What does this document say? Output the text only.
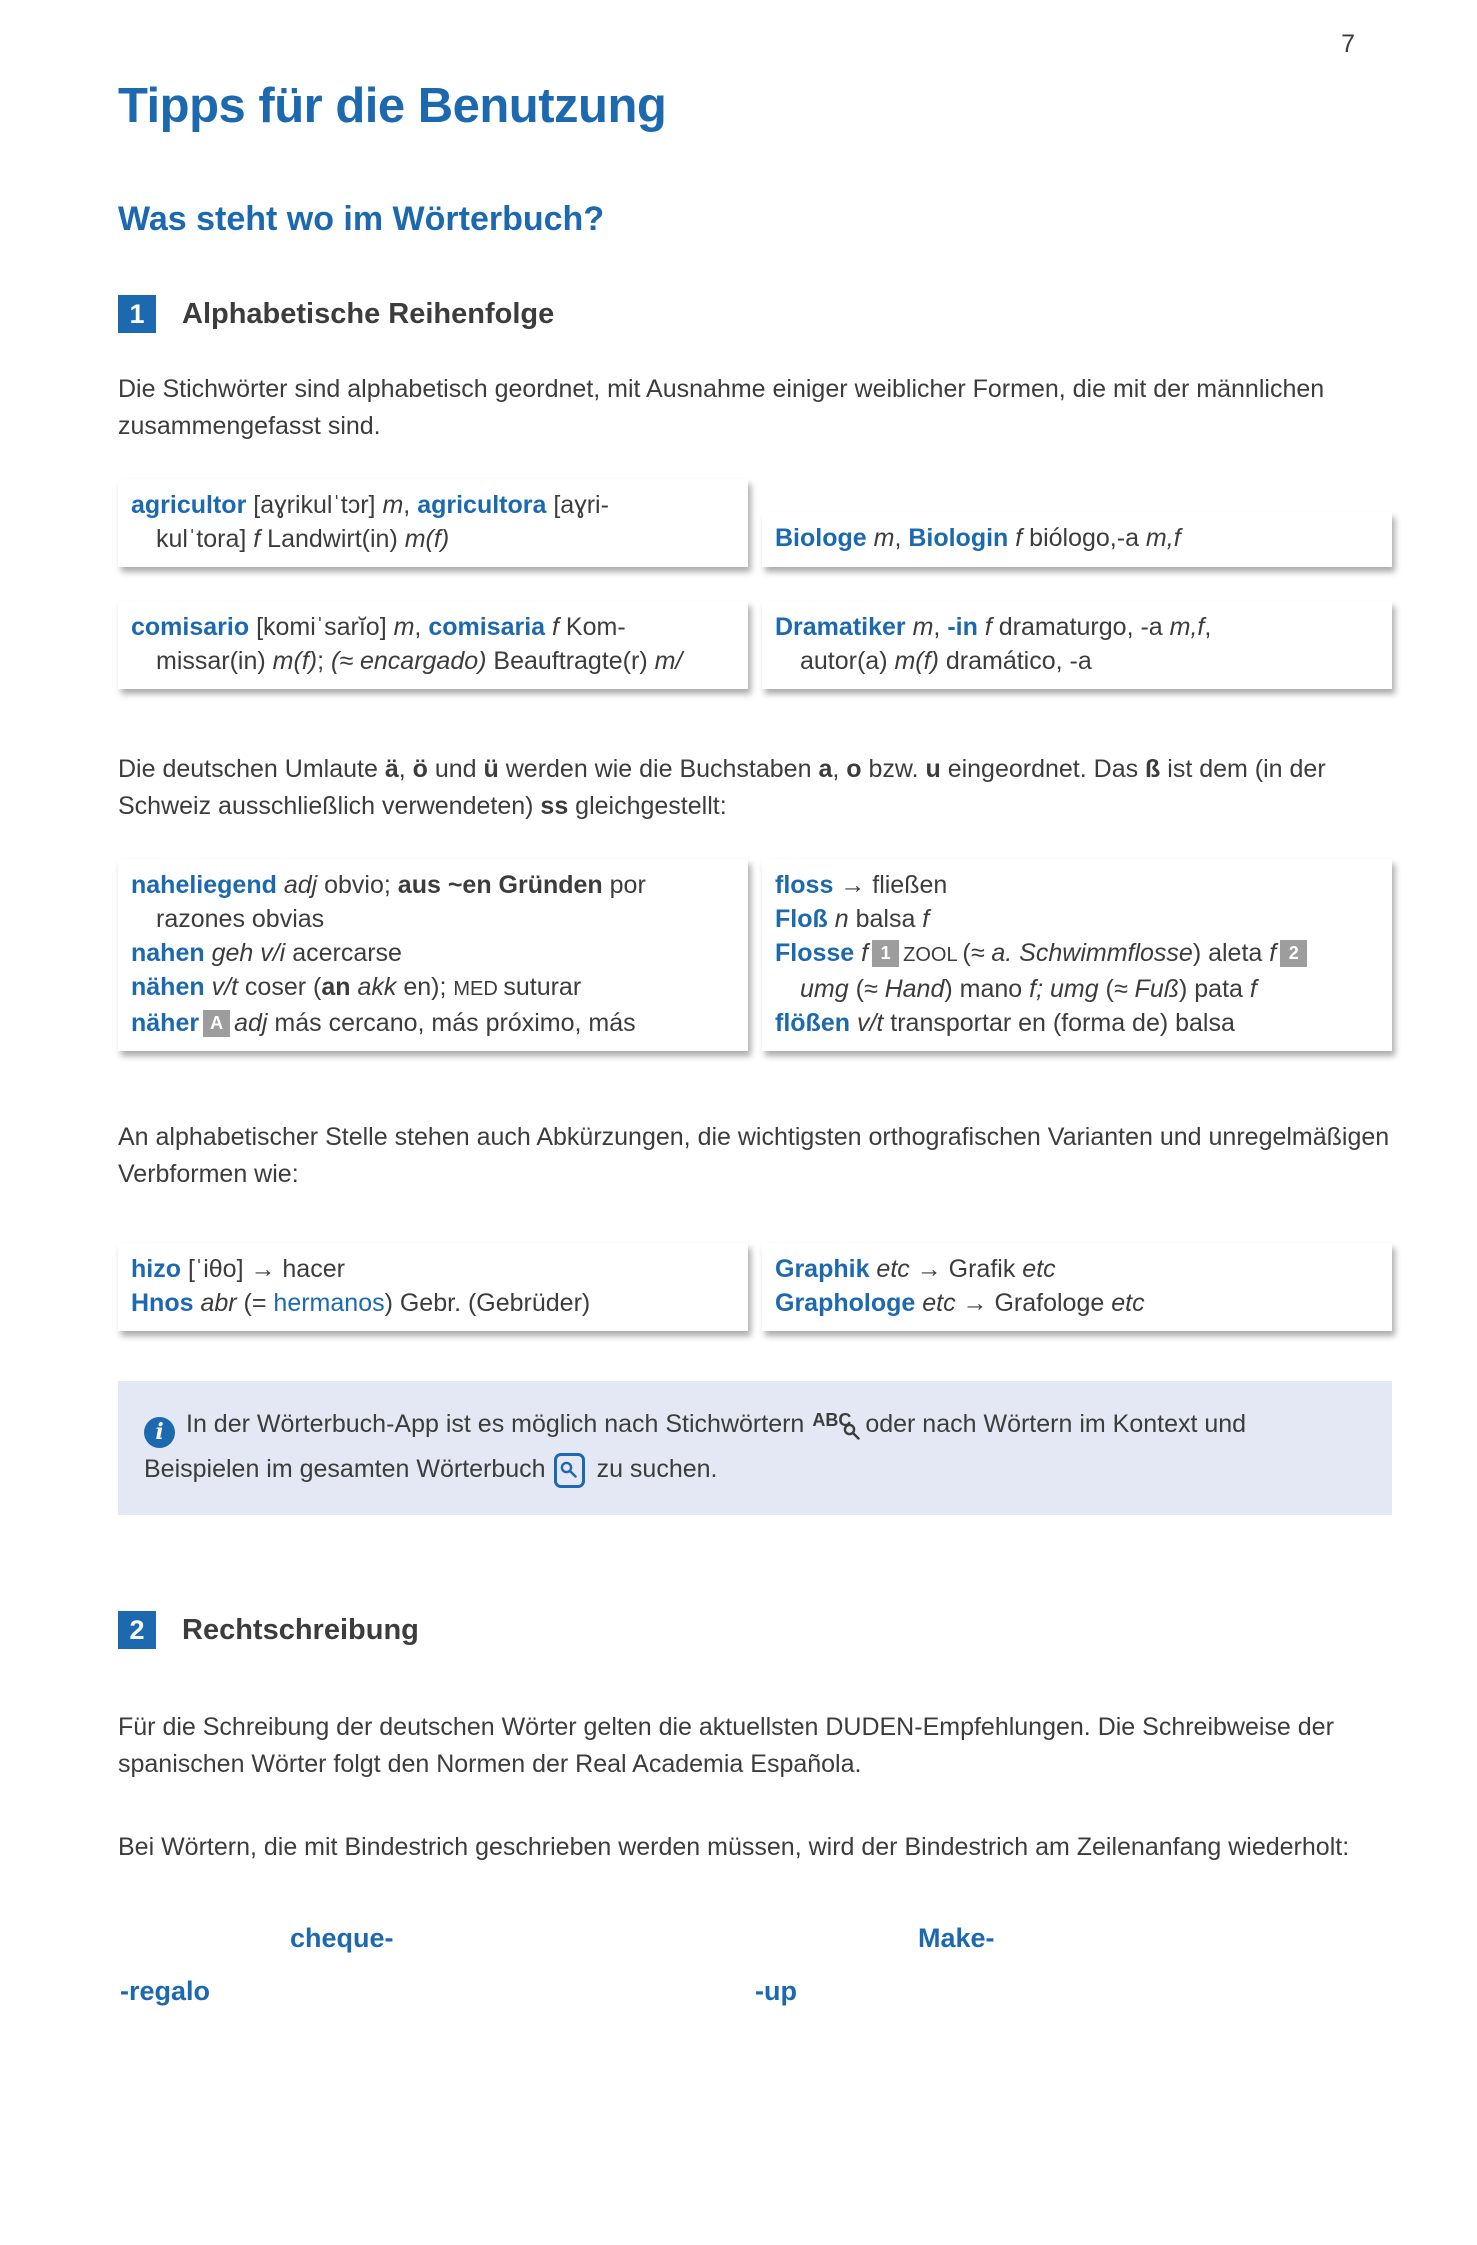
7
Tipps für die Benutzung
Was steht wo im Wörterbuch?
1	Alphabetische Reihenfolge

Die Stichwörter sind alphabetisch geordnet, mit Ausnahme einiger weiblicher Formen, die mit der männlichen zusammengefasst sind.

agricultor [aɣrikulˈtɔr] m, agricultora [aɣri-
kulˈtora] f Landwirt(in) m(f)	Biologe m, Biologin f biólogo,-a m,f
comisario [komiˈsarĭo] m, comisaria f Kom-
missar(in) m(f); (≈ encargado) Beauftragte(r) m/
Dramatiker m, -in f dramaturgo, -a m,f,
autor(a) m(f) dramático, -a

Die deutschen Umlaute ä, ö und ü werden wie die Buchstaben a, o bzw. u eingeordnet. Das ß ist dem (in der Schweiz ausschließlich verwendeten) ss gleichgestellt:

naheliegend adj obvio; aus ~en Gründen por
razones obvias
nahen geh v/i acercarse
nähen v/t coser (an akk en); MED suturar
näher A adj más cercano, más próximo, más
floss → fließen
Floß n balsa f
Flosse f 1 ZOOL (≈ a. Schwimmflosse) aleta f 2
umg (≈ Hand) mano f; umg (≈ Fuß) pata f
flößen v/t transportar en (forma de) balsa

An alphabetischer Stelle stehen auch Abkürzungen, die wichtigsten orthografischen Varianten und unregelmäßigen Verbformen wie:

hizo [ˈiθo] → hacer
Hnos abr (= hermanos) Gebr. (Gebrüder)
Graphik etc → Grafik etc
Graphologe etc → Grafologe etc
i In der Wörterbuch-App ist es möglich nach Stichwörtern ABC oder nach Wörtern im Kontext und Beispielen im gesamten Wörterbuch zu suchen.
2	Rechtschreibung

Für die Schreibung der deutschen Wörter gelten die aktuellsten DUDEN-Empfehlungen. Die Schreibweise der spanischen Wörter folgt den Normen der Real Academia Española.

Bei Wörtern, die mit Bindestrich geschrieben werden müssen, wird der Bindestrich am Zeilenanfang wiederholt:

cheque-
-regalo
Make-
-up
